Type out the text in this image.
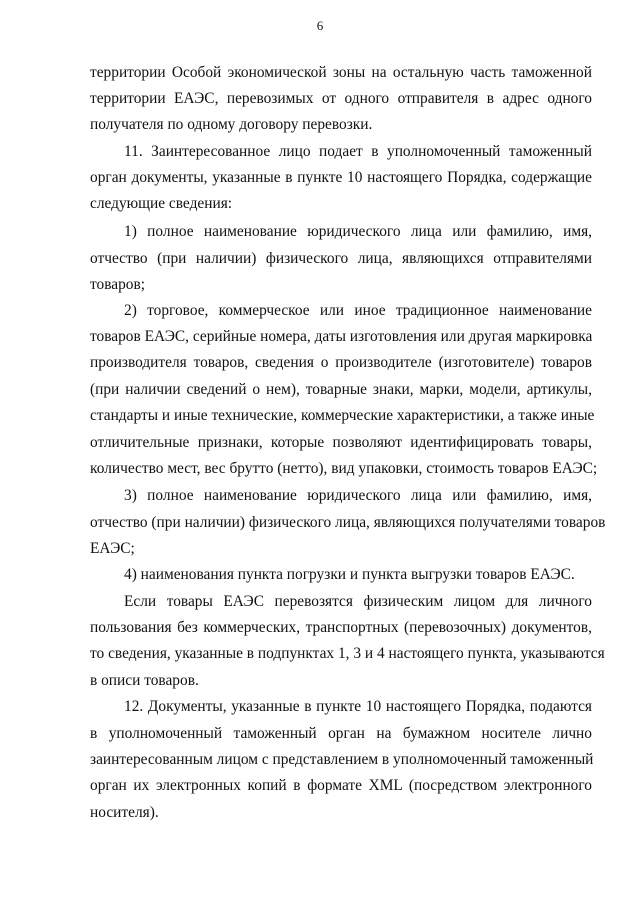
6
территории Особой экономической зоны на остальную часть таможенной
территории ЕАЭС, перевозимых от одного отправителя в адрес одного
получателя по одному договору перевозки.
11. Заинтересованное лицо подает в уполномоченный таможенный
орган документы, указанные в пункте 10 настоящего Порядка, содержащие
следующие сведения:
1) полное наименование юридического лица или фамилию, имя,
отчество (при наличии) физического лица, являющихся отправителями
товаров;
2) торговое, коммерческое или иное традиционное наименование
товаров ЕАЭС, серийные номера, даты изготовления или другая маркировка
производителя товаров, сведения о производителе (изготовителе) товаров
(при наличии сведений о нем), товарные знаки, марки, модели, артикулы,
стандарты и иные технические, коммерческие характеристики, а также иные
отличительные признаки, которые позволяют идентифицировать товары,
количество мест, вес брутто (нетто), вид упаковки, стоимость товаров ЕАЭС;
3) полное наименование юридического лица или фамилию, имя,
отчество (при наличии) физического лица, являющихся получателями товаров
ЕАЭС;
4) наименования пункта погрузки и пункта выгрузки товаров ЕАЭС.
Если товары ЕАЭС перевозятся физическим лицом для личного
пользования без коммерческих, транспортных (перевозочных) документов,
то сведения, указанные в подпунктах 1, 3 и 4 настоящего пункта, указываются
в описи товаров.
12. Документы, указанные в пункте 10 настоящего Порядка, подаются
в уполномоченный таможенный орган на бумажном носителе лично
заинтересованным лицом с представлением в уполномоченный таможенный
орган их электронных копий в формате XML (посредством электронного
носителя).
